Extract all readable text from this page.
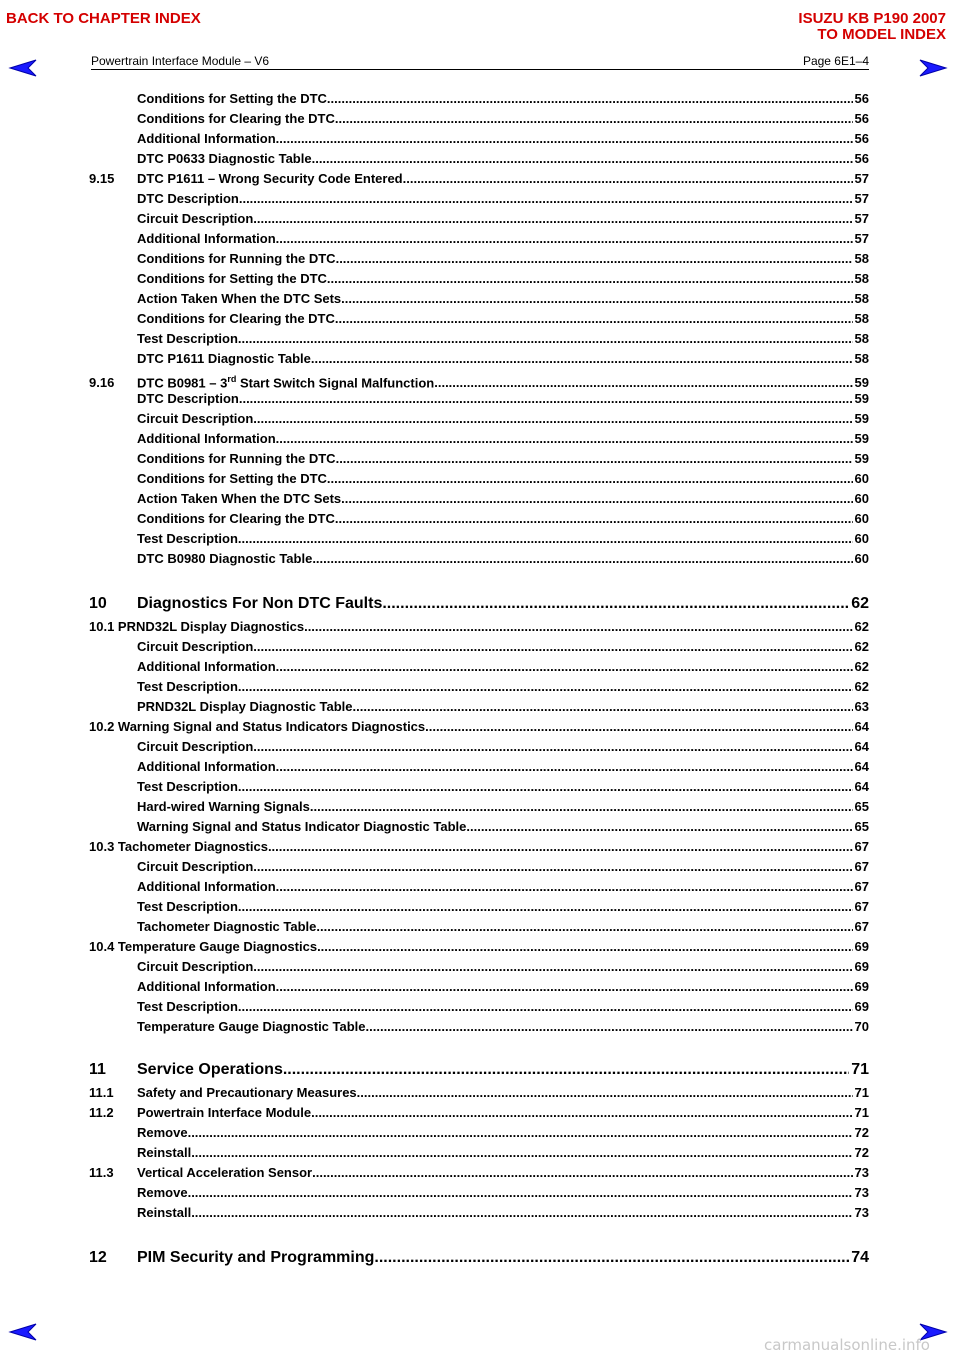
BACK TO CHAPTER INDEX	ISUZU KB P190 2007
TO MODEL INDEX
Powertrain Interface Module – V6	Page 6E1–4
Conditions for Setting the DTC .....	56
Conditions for Clearing the DTC .....	56
Additional Information .....	56
DTC P0633 Diagnostic Table. .....	56
9.15	DTC P1611 – Wrong Security Code Entered .....	57
DTC Description .....	57
Circuit Description .....	57
Additional Information .....	57
Conditions for Running the DTC .....	58
Conditions for Setting the DTC .....	58
Action Taken When the DTC Sets .....	58
Conditions for Clearing the DTC .....	58
Test Description .....	58
DTC P1611 Diagnostic Table. .....	58
9.16	DTC B0981 – 3rd Start Switch Signal Malfunction .....	59
DTC Description .....	59
Circuit Description .....	59
Additional Information .....	59
Conditions for Running the DTC .....	59
Conditions for Setting the DTC .....	60
Action Taken When the DTC Sets .....	60
Conditions for Clearing the DTC .....	60
Test Description .....	60
DTC B0980 Diagnostic Table .....	60
10	Diagnostics For Non DTC Faults .....	62
10.1 PRND32L Display Diagnostics .....	62
Circuit Description .....	62
Additional Information .....	62
Test Description .....	62
PRND32L Display Diagnostic Table .....	63
10.2 Warning Signal and Status Indicators Diagnostics. .....	64
Circuit Description .....	64
Additional Information .....	64
Test Description .....	64
Hard-wired Warning Signals .....	65
Warning Signal and Status Indicator Diagnostic Table .....	65
10.3 Tachometer Diagnostics .....	67
Circuit Description .....	67
Additional Information .....	67
Test Description .....	67
Tachometer Diagnostic Table .....	67
10.4 Temperature Gauge Diagnostics .....	69
Circuit Description .....	69
Additional Information .....	69
Test Description .....	69
Temperature Gauge Diagnostic Table .....	70
11	Service Operations .....	71
11.1	Safety and Precautionary Measures .....	71
11.2	Powertrain Interface Module .....	71
Remove .....	72
Reinstall .....	72
11.3	Vertical Acceleration Sensor .....	73
Remove .....	73
Reinstall .....	73
12	PIM Security and Programming .....	74
carmanualsonline.info
